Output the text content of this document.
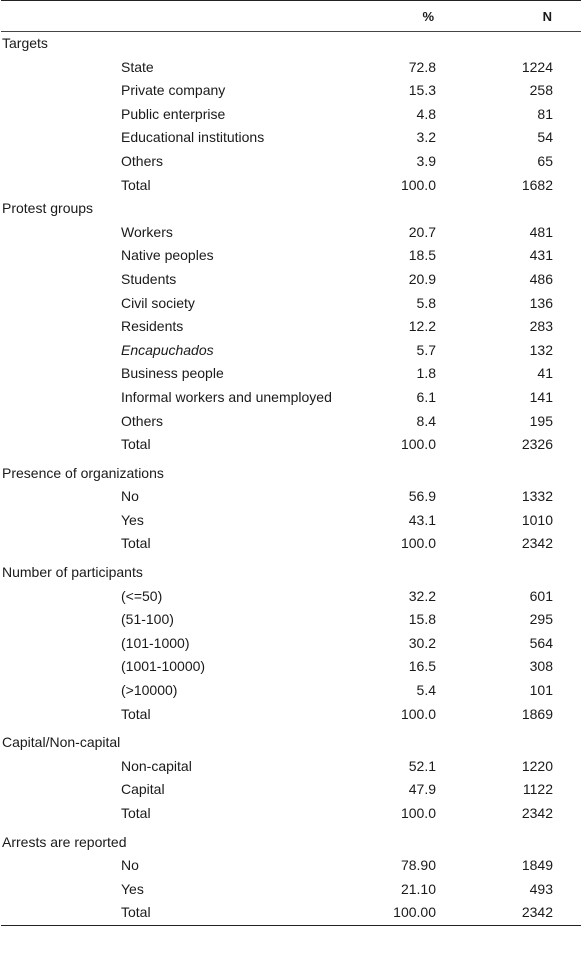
	%	N
Targets		
State	72.8	1224
Private company	15.3	258
Public enterprise	4.8	81
Educational institutions	3.2	54
Others	3.9	65
Total	100.0	1682
Protest groups		
Workers	20.7	481
Native peoples	18.5	431
Students	20.9	486
Civil society	5.8	136
Residents	12.2	283
Encapuchados	5.7	132
Business people	1.8	41
Informal workers and unemployed	6.1	141
Others	8.4	195
Total	100.0	2326
Presence of organizations		
No	56.9	1332
Yes	43.1	1010
Total	100.0	2342
Number of participants		
(<=50)	32.2	601
(51-100)	15.8	295
(101-1000)	30.2	564
(1001-10000)	16.5	308
(>10000)	5.4	101
Total	100.0	1869
Capital/Non-capital		
Non-capital	52.1	1220
Capital	47.9	1122
Total	100.0	2342
Arrests are reported		
No	78.90	1849
Yes	21.10	493
Total	100.00	2342
